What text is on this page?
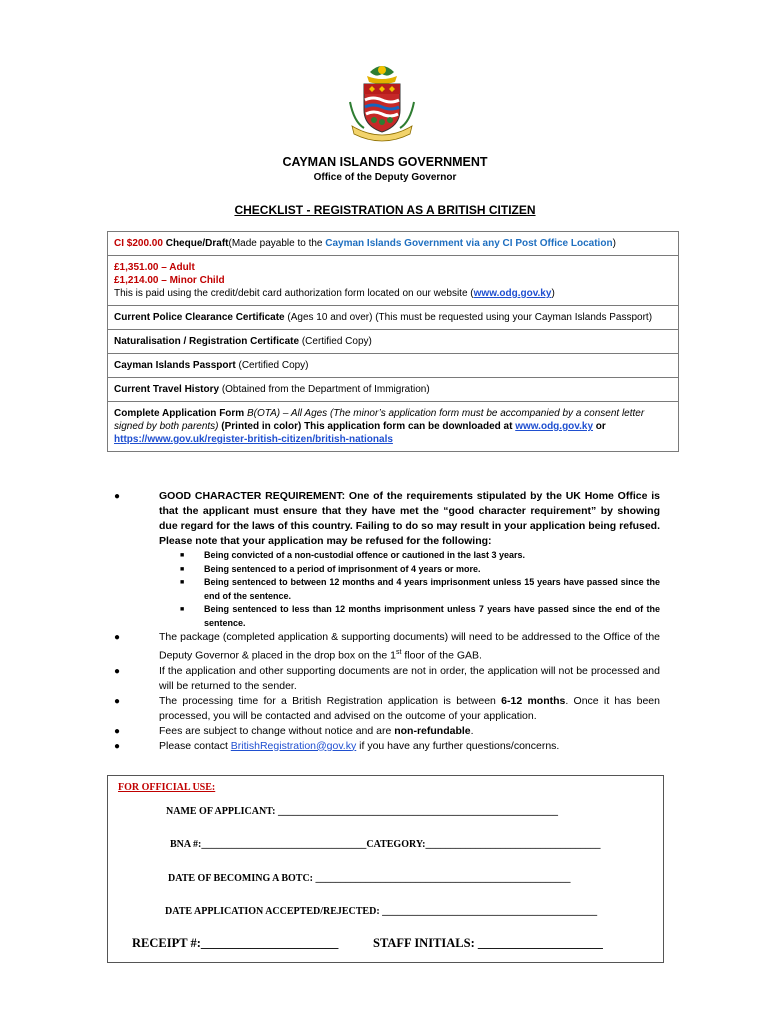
CAYMAN ISLANDS GOVERNMENT
Office of the Deputy Governor
CHECKLIST - REGISTRATION AS A BRITISH CITIZEN
CI $200.00 Cheque/Draft(Made payable to the Cayman Islands Government via any CI Post Office Location)

£1,351.00 – Adult
£1,214.00 – Minor Child
This is paid using the credit/debit card authorization form located on our website (www.odg.gov.ky)

Current Police Clearance Certificate (Ages 10 and over) (This must be requested using your Cayman Islands Passport)
Naturalisation / Registration Certificate (Certified Copy)
Cayman Islands Passport (Certified Copy)
Current Travel History (Obtained from the Department of Immigration)
Complete Application Form B(OTA) – All Ages (The minor’s application form must be accompanied by a consent letter signed by both parents) (Printed in color) This application form can be downloaded at www.odg.gov.ky or https://www.gov.uk/register-british-citizen/british-nationals
●	GOOD CHARACTER REQUIREMENT: One of the requirements stipulated by the UK Home Office is that the applicant must ensure that they have met the “good character requirement” by showing due regard for the laws of this country. Failing to do so may result in your application being refused. Please note that your application may be refused for the following:
■ Being convicted of a non-custodial offence or cautioned in the last 3 years.
■ Being sentenced to a period of imprisonment of 4 years or more.
■ Being sentenced to between 12 months and 4 years imprisonment unless 15 years have passed since the end of the sentence.
■ Being sentenced to less than 12 months imprisonment unless 7 years have passed since the end of the sentence.
●	The package (completed application & supporting documents) will need to be addressed to the Office of the Deputy Governor & placed in the drop box on the 1st floor of the GAB.
●	If the application and other supporting documents are not in order, the application will not be processed and will be returned to the sender.
●	The processing time for a British Registration application is between 6-12 months. Once it has been processed, you will be contacted and advised on the outcome of your application.
●	Fees are subject to change without notice and are non-refundable.
●	Please contact BritishRegistration@gov.ky if you have any further questions/concerns.
FOR OFFICIAL USE:
NAME OF APPLICANT: ________________________________________________________
BNA #:_________________________________CATEGORY:___________________________________
DATE OF BECOMING A BOTC: ___________________________________________________
DATE APPLICATION ACCEPTED/REJECTED: ___________________________________________
RECEIPT #:______________________	STAFF INITIALS: ____________________
